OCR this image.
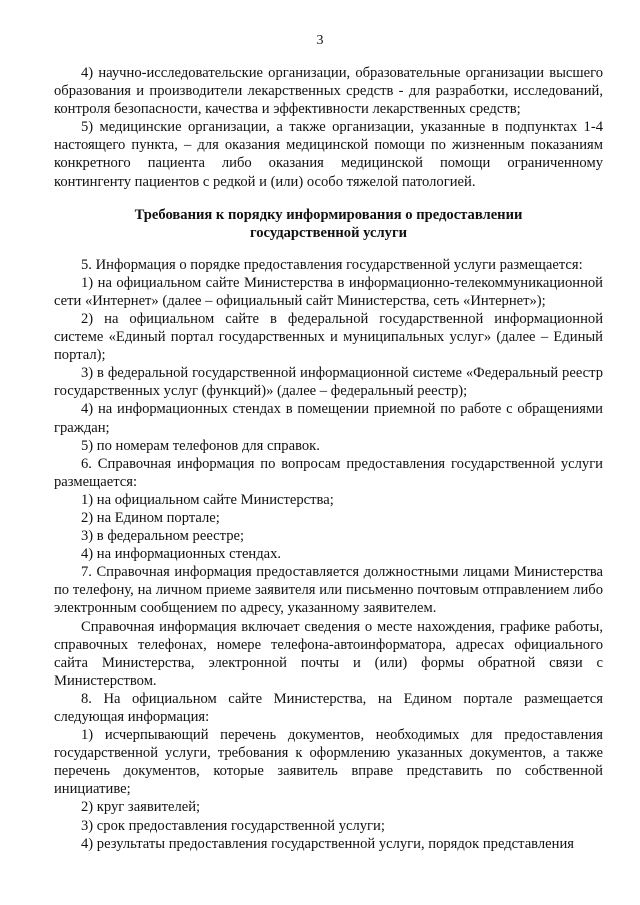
3

4) научно-исследовательские организации, образовательные организации высшего образования и производители лекарственных средств - для разработки, исследований, контроля безопасности, качества и эффективности лекарственных средств;

5) медицинские организации, а также организации, указанные в подпунктах 1-4 настоящего пункта, – для оказания медицинской помощи по жизненным показаниям конкретного пациента либо оказания медицинской помощи ограниченному контингенту пациентов с редкой и (или) особо тяжелой патологией.

Требования к порядку информирования о предоставлении
государственной услуги

5. Информация о порядке предоставления государственной услуги размещается:

1) на официальном сайте Министерства в информационно-телекоммуникационной сети «Интернет» (далее – официальный сайт Министерства, сеть «Интернет»);

2) на официальном сайте в федеральной государственной информационной системе «Единый портал государственных и муниципальных услуг» (далее – Единый портал);

3) в федеральной государственной информационной системе «Федеральный реестр государственных услуг (функций)» (далее – федеральный реестр);

4) на информационных стендах в помещении приемной по работе с обращениями граждан;

5) по номерам телефонов для справок.

6. Справочная информация по вопросам предоставления государственной услуги размещается:

1) на официальном сайте Министерства;

2) на Едином портале;

3) в федеральном реестре;

4) на информационных стендах.

7. Справочная информация предоставляется должностными лицами Министерства по телефону, на личном приеме заявителя или письменно почтовым отправлением либо электронным сообщением по адресу, указанному заявителем.

Справочная информация включает сведения о месте нахождения, графике работы, справочных телефонах, номере телефона-автоинформатора, адресах официального сайта Министерства, электронной почты и (или) формы обратной связи с Министерством.

8. На официальном сайте Министерства, на Едином портале размещается следующая информация:

1) исчерпывающий перечень документов, необходимых для предоставления государственной услуги, требования к оформлению указанных документов, а также перечень документов, которые заявитель вправе представить по собственной инициативе;

2) круг заявителей;

3) срок предоставления государственной услуги;

4) результаты предоставления государственной услуги, порядок представления
